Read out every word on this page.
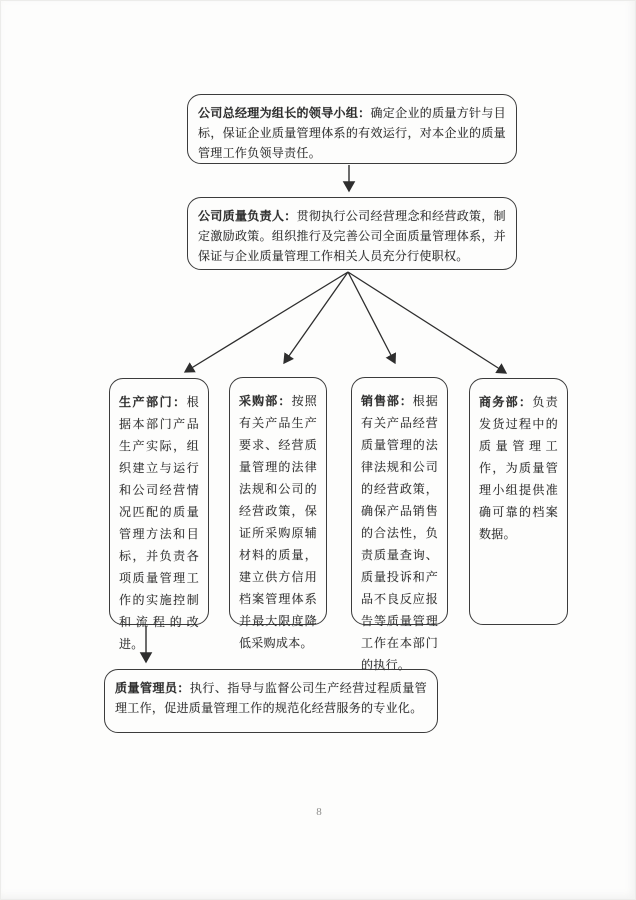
公司总经理为组长的领导小组：确定企业的质量方针与目标，保证企业质量管理体系的有效运行，对本企业的质量管理工作负领导责任。

公司质量负责人：贯彻执行公司经营理念和经营政策，制定激励政策。组织推行及完善公司全面质量管理体系，并保证与企业质量管理工作相关人员充分行使职权。

生产部门：根据本部门产品生产实际，组织建立与运行和公司经营情况匹配的质量管理方法和目标，并负责各项质量管理工作的实施控制和流程的改进。

采购部：按照有关产品生产要求、经营质量管理的法律法规和公司的经营政策，保证所采购原辅材料的质量，建立供方信用档案管理体系并最大限度降低采购成本。

销售部：根据有关产品经营质量管理的法律法规和公司的经营政策，确保产品销售的合法性，负责质量查询、质量投诉和产品不良反应报告等质量管理工作在本部门的执行。

商务部：负责发货过程中的质量管理工作，为质量管理小组提供准确可靠的档案数据。

质量管理员：执行、指导与监督公司生产经营过程质量管理工作，促进质量管理工作的规范化经营服务的专业化。

8
